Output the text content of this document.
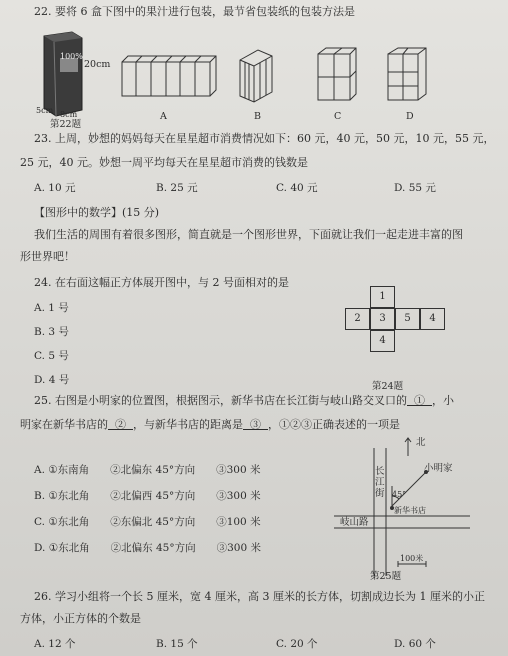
22. 要将 6 盒下图中的果汁进行包装，最节省包装纸的包装方法是
100%
20cm
5cm 8cm
第22题
A	B	C	D
23. 上周，妙想的妈妈每天在星星超市消费情况如下：60 元，40 元，50 元，10 元，55 元，
25 元，40 元。妙想一周平均每天在星星超市消费的钱数是
A. 10 元	B. 25 元	C. 40 元	D. 55 元
【图形中的数学】(15 分)
我们生活的周围有着很多图形，简直就是一个图形世界，下面就让我们一起走进丰富的图
形世界吧！
24. 在右面这幅正方体展开图中，与 2 号面相对的是
A. 1 号
B. 3 号
C. 5 号
D. 4 号
1
2	3	5	4
4
第24题
25. 右图是小明家的位置图，根据图示，新华书店在长江街与岐山路交叉口的 ① ，小
明家在新华书店的 ② ，与新华书店的距离是 ③ ，①②③正确表述的一项是
A. ①东南角　　②北偏东 45°方向　　③300 米
B. ①东北角　　②北偏西 45°方向　　③300 米
C. ①东北角　　②东偏北 45°方向　　③100 米
D. ①东北角　　②北偏东 45°方向　　③300 米
北
小明家
长江街 45°
新华书店
岐山路
100米
第25题
26. 学习小组将一个长 5 厘米，宽 4 厘米，高 3 厘米的长方体，切割成边长为 1 厘米的小正
方体，小正方体的个数是
A. 12 个	B. 15 个	C. 20 个	D. 60 个
